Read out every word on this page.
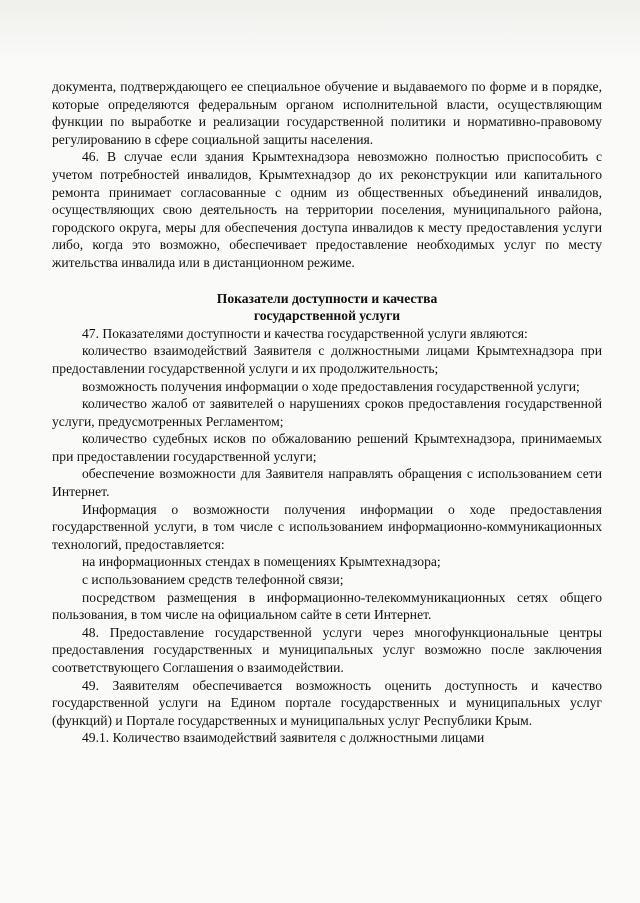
документа, подтверждающего ее специальное обучение и выдаваемого по форме и в порядке, которые определяются федеральным органом исполнительной власти, осуществляющим функции по выработке и реализации государственной политики и нормативно-правовому регулированию в сфере социальной защиты населения.

46. В случае если здания Крымтехнадзора невозможно полностью приспособить с учетом потребностей инвалидов, Крымтехнадзор до их реконструкции или капитального ремонта принимает согласованные с одним из общественных объединений инвалидов, осуществляющих свою деятельность на территории поселения, муниципального района, городского округа, меры для обеспечения доступа инвалидов к месту предоставления услуги либо, когда это возможно, обеспечивает предоставление необходимых услуг по месту жительства инвалида или в дистанционном режиме.

Показатели доступности и качества
государственной услуги

47. Показателями доступности и качества государственной услуги являются:

количество взаимодействий Заявителя с должностными лицами Крымтехнадзора при предоставлении государственной услуги и их продолжительность;

возможность получения информации о ходе предоставления государственной услуги;

количество жалоб от заявителей о нарушениях сроков предоставления государственной услуги, предусмотренных Регламентом;

количество судебных исков по обжалованию решений Крымтехнадзора, принимаемых при предоставлении государственной услуги;

обеспечение возможности для Заявителя направлять обращения с использованием сети Интернет.

Информация о возможности получения информации о ходе предоставления государственной услуги, в том числе с использованием информационно-коммуникационных технологий, предоставляется:

на информационных стендах в помещениях Крымтехнадзора;

с использованием средств телефонной связи;

посредством размещения в информационно-телекоммуникационных сетях общего пользования, в том числе на официальном сайте в сети Интернет.

48. Предоставление государственной услуги через многофункциональные центры предоставления государственных и муниципальных услуг возможно после заключения соответствующего Соглашения о взаимодействии.

49. Заявителям обеспечивается возможность оценить доступность и качество государственной услуги на Едином портале государственных и муниципальных услуг (функций) и Портале государственных и муниципальных услуг Республики Крым.

49.1. Количество взаимодействий заявителя с должностными лицами
